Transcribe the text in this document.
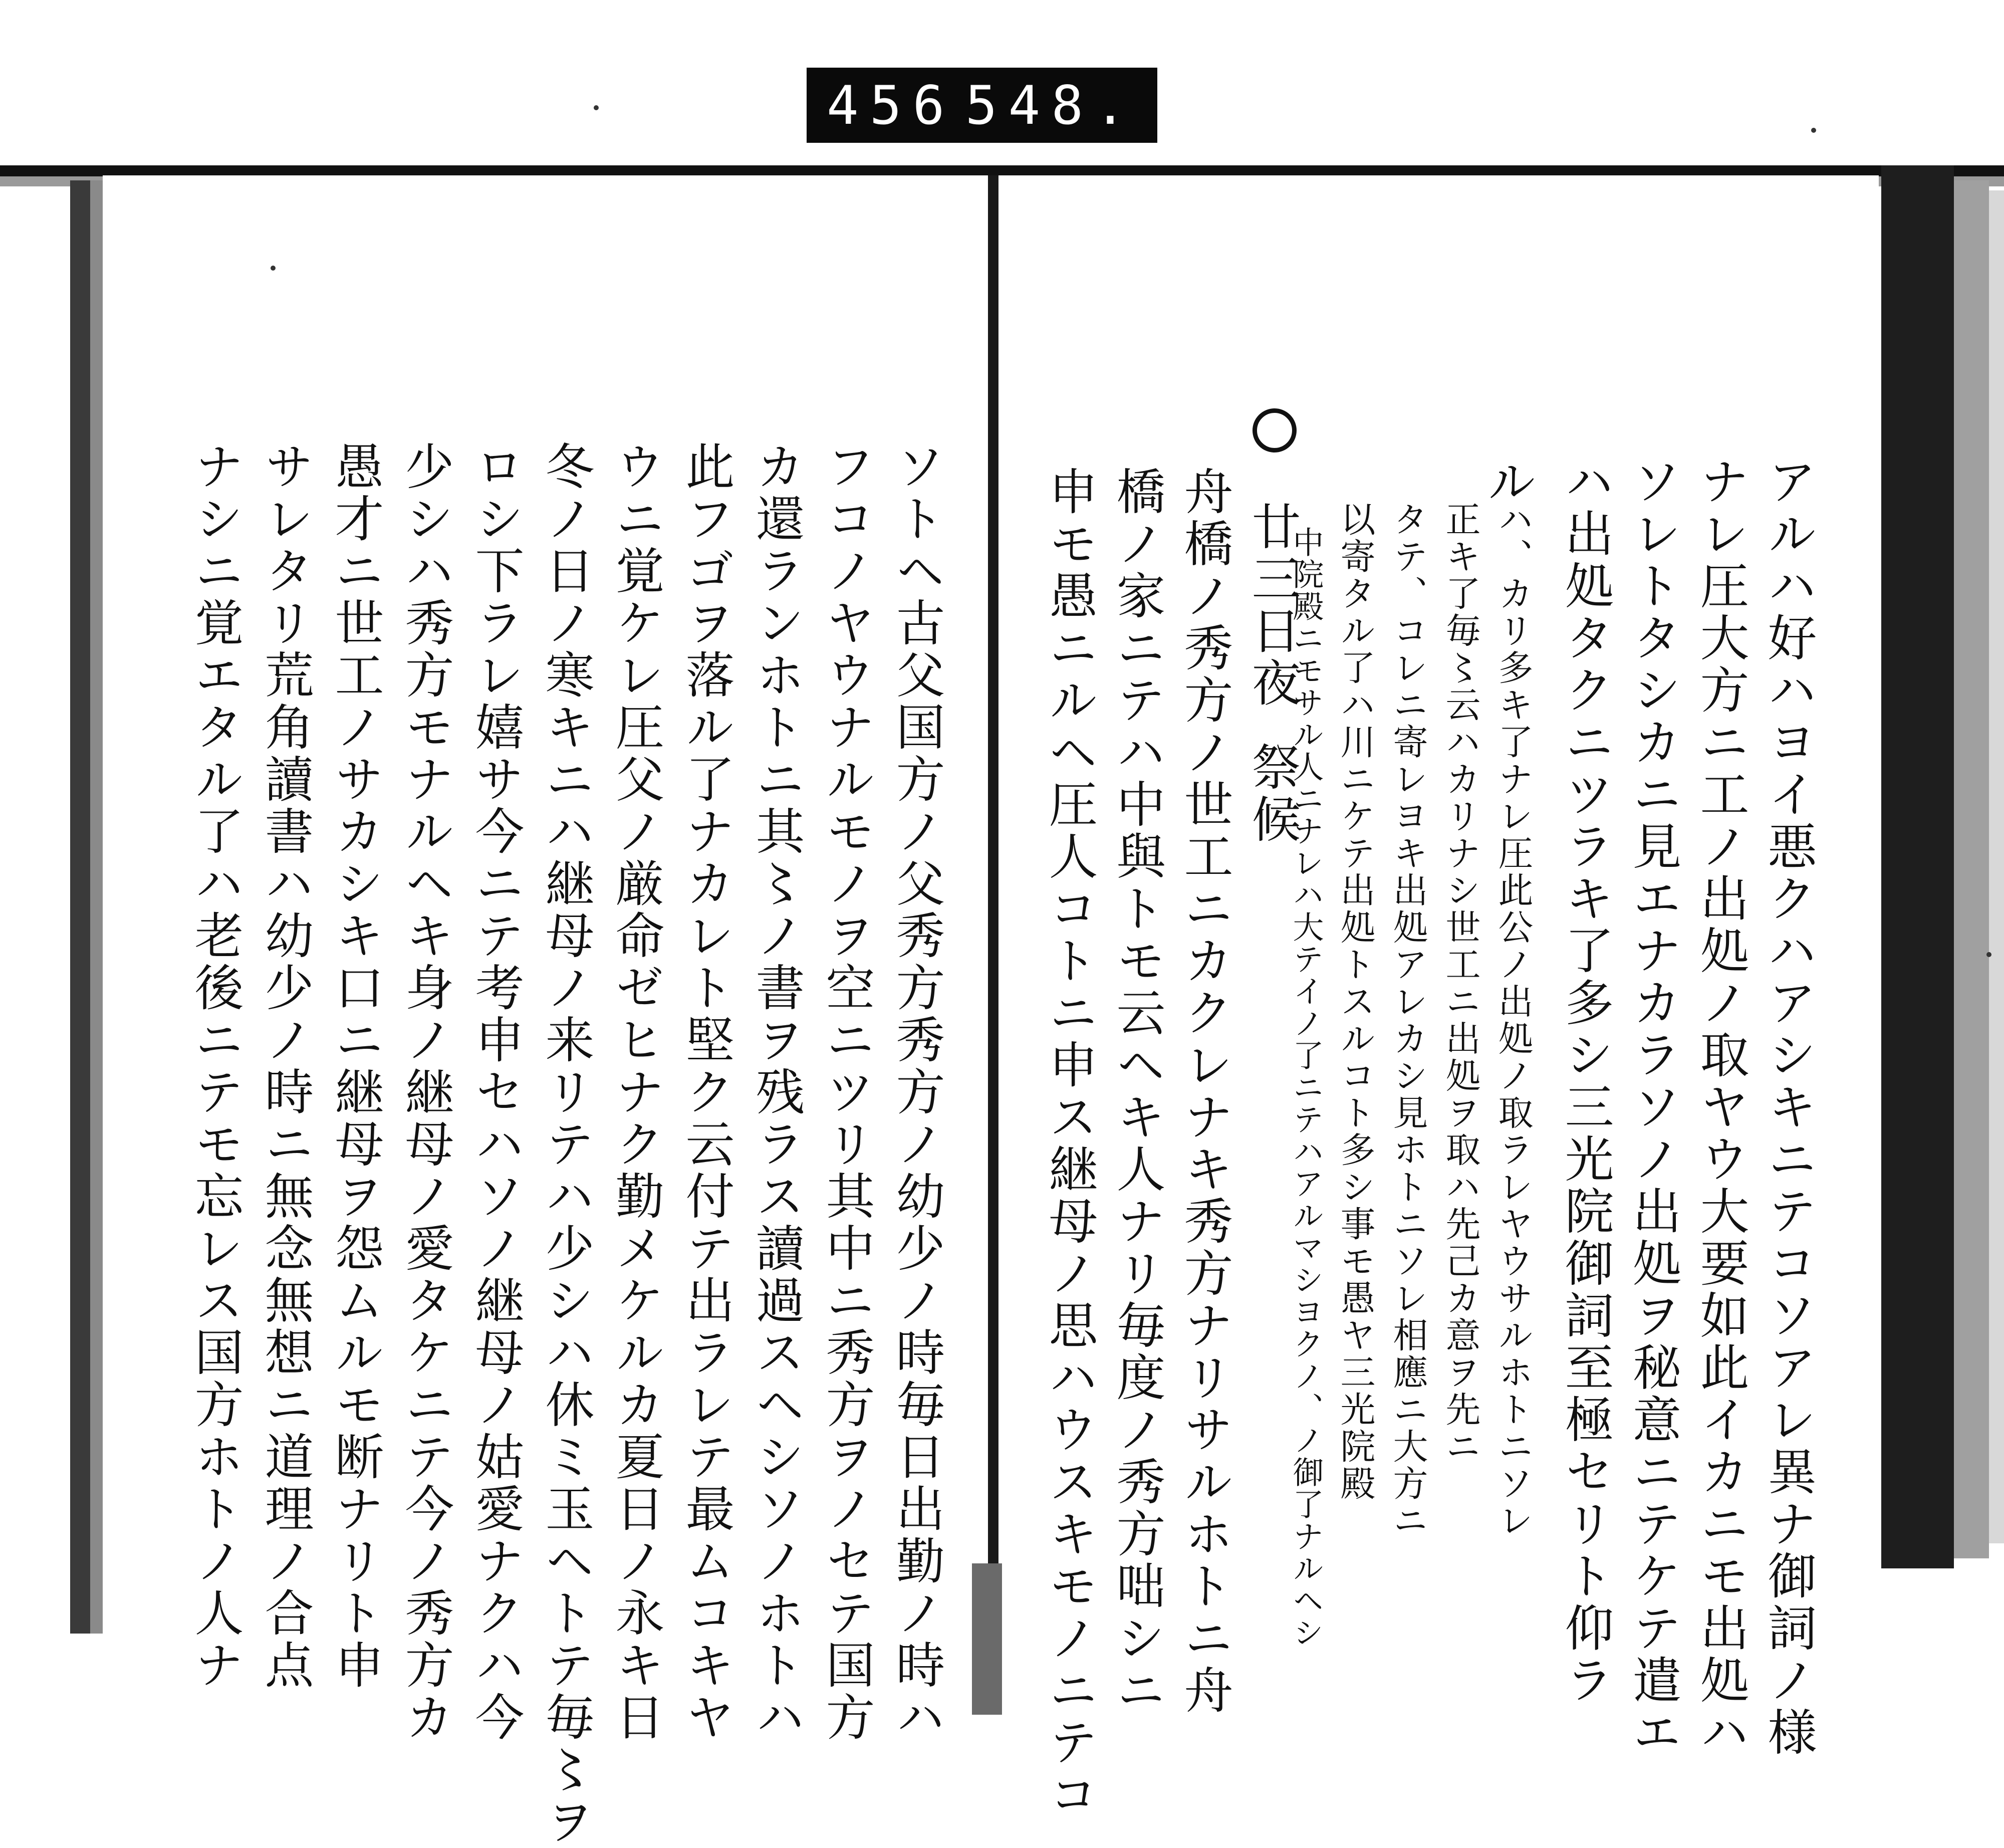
456 548.
アルハ好ハヨイ悪クハアシキニテコソアレ異ナ御詞ノ様
ナレ圧大方ニ工ノ出処ノ取ヤウ大要如此イカニモ出処ハ
ソレトタシカニ見エナカラソノ出処ヲ秘意ニテケテ遣エ
ハ出処タクニツラキ了多シ三光院御詞至極セリト仰ラ
ル
ハ、カリ多キ了ナレ圧此公ノ出処ノ取ラレヤウサルホトニソレ
正キ了毎〻云ハカリナシ世工ニ出処ヲ取ハ先己カ意ヲ先ニ
タテ、コレニ寄レヨキ出処アレカシ見ホトニソレ相應ニ大方ニ
以寄タル了ハ川ニケテ出処トスルコト多シ事モ愚ヤ三光院殿
中院殿ニモサル人ニナレハ大テイノ了ニテハアルマシヨクノ、ノ御了ナルヘシ
廿三日夜
祭候
舟橋ノ秀方ノ世工ニカクレナキ秀方ナリサルホトニ舟
橋ノ家ニテハ中與トモ云ヘキ人ナリ毎度ノ秀方咄シニ
申モ愚ニルヘ圧人コトニ申ス継母ノ思ハウスキモノニテコ
ソトヘ古父国方ノ父秀方秀方ノ幼少ノ時毎日出勤ノ時ハ
フコノヤウナルモノヲ空ニツリ其中ニ秀方ヲノセテ国方
カ還ランホトニ其〻ノ書ヲ残ラス讀過スヘシソノホトハ
此フゴヲ落ル了ナカレト堅ク云付テ出ラレテ最ムコキヤ
ウニ覚ケレ圧父ノ厳命ゼヒナク勤メケルカ夏日ノ永キ日
冬ノ日ノ寒キニハ継母ノ来リテハ少シハ休ミ玉ヘトテ毎〻ヲ
ロシ下ラレ嬉サ今ニテ考申セハソノ継母ノ姑愛ナクハ今
少シハ秀方モナルヘキ身ノ継母ノ愛タケニテ今ノ秀方カ
愚才ニ世工ノサカシキ口ニ継母ヲ怨ムルモ断ナリト申
サレタリ荒角讀書ハ幼少ノ時ニ無念無想ニ道理ノ合点
ナシニ覚エタル了ハ老後ニテモ忘レス国方ホトノ人ナ
